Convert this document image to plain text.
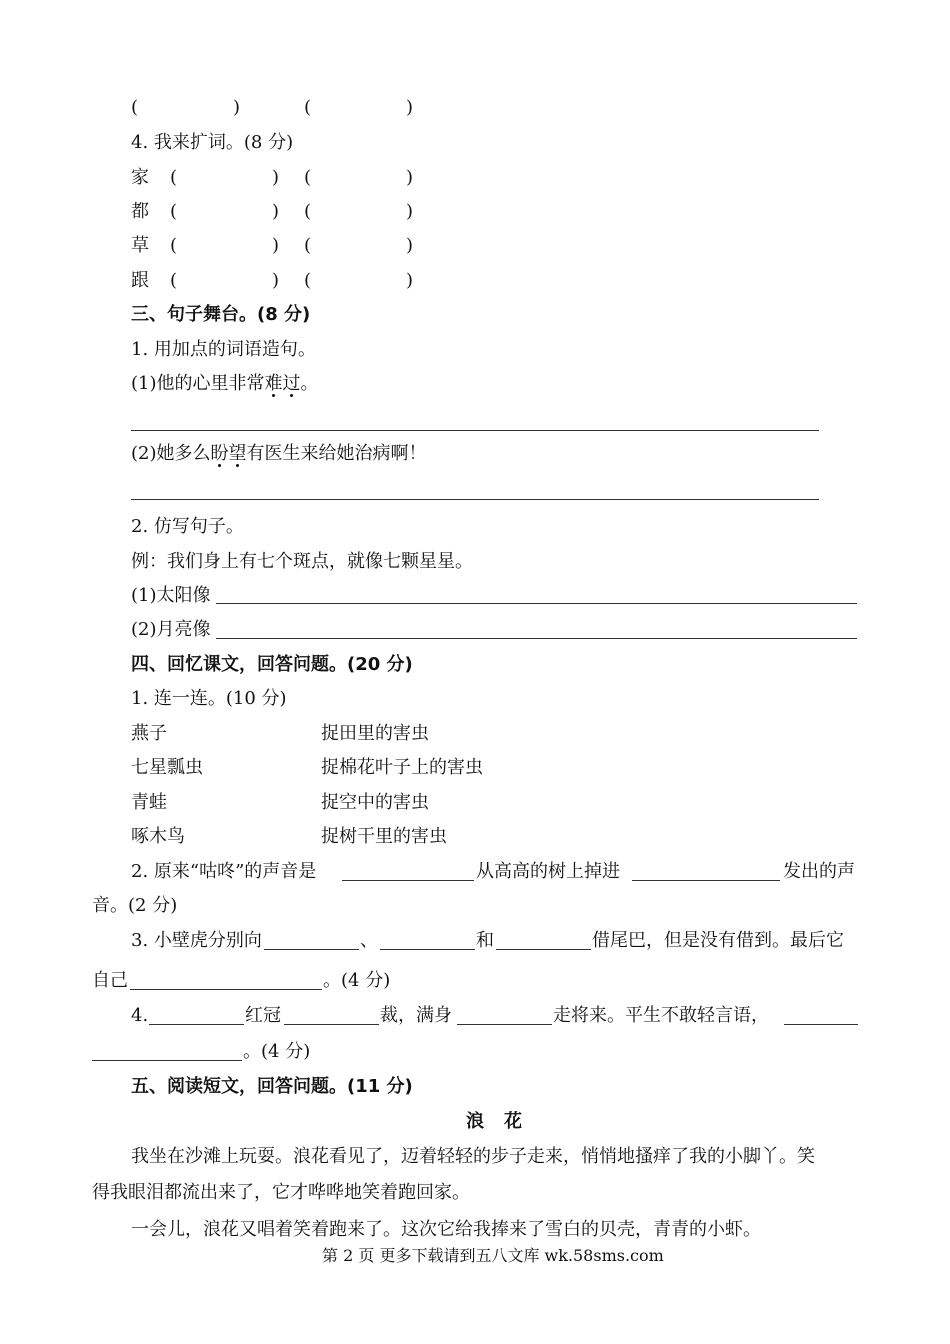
(	)	(	)
4. 我来扩词。(8 分)
家 (	) (	)
都 (	) (	)
草 (	) (	)
跟 (	) (	)
三、句子舞台。(8 分)
1. 用加点的词语造句。
(1)他的心里非常难
过
。
(2)她多么盼
望
有医生来给她治病啊！
2. 仿写句子。
例：我们身上有七个斑点，就像七颗星星。
(1)太阳像
(2)月亮像
四、回忆课文，回答问题。(20 分)
1. 连一连。(10 分)
燕子	捉田里的害虫
七星瓢虫	捉棉花叶子上的害虫
青蛙	捉空中的害虫
啄木鸟	捉树干里的害虫
2. 原来“咕咚”的声音是	从高高的树上掉进	发出的声
音。(2 分)
3. 小壁虎分别向	、	和	借尾巴，但是没有借到。最后它
自己	。(4 分)
4.	红冠	裁，满身	走将来。平生不敢轻言语，
。(4 分)
五、阅读短文，回答问题。(11 分)
浪花
我坐在沙滩上玩耍。浪花看见了，迈着轻轻的步子走来，悄悄地搔痒了我的小脚丫。笑
得我眼泪都流出来了，它才哗哗地笑着跑回家。
一会儿，浪花又唱着笑着跑来了。这次它给我捧来了雪白的贝壳，青青的小虾。
第 2 页 更多下载请到五八文库 wk.58sms.com
